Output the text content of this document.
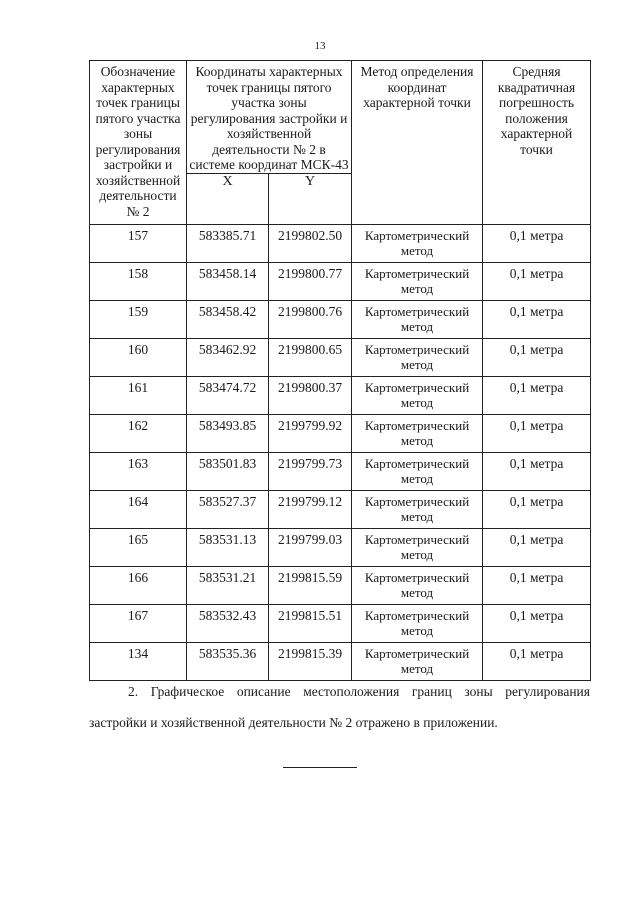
13
Обозначение характерных точек границы пятого участка зоны регулирования застройки и хозяйственной деятельности № 2	Координаты характерных точек границы пятого участка зоны регулирования застройки и хозяйственной деятельности № 2 в системе координат МСК-43		Метод определения координат характерной точки	Средняя квадратичная погрешность положения характерной точки
	X	Y		
157	583385.71	2199802.50	Картометрический метод	0,1 метра
158	583458.14	2199800.77	Картометрический метод	0,1 метра
159	583458.42	2199800.76	Картометрический метод	0,1 метра
160	583462.92	2199800.65	Картометрический метод	0,1 метра
161	583474.72	2199800.37	Картометрический метод	0,1 метра
162	583493.85	2199799.92	Картометрический метод	0,1 метра
163	583501.83	2199799.73	Картометрический метод	0,1 метра
164	583527.37	2199799.12	Картометрический метод	0,1 метра
165	583531.13	2199799.03	Картометрический метод	0,1 метра
166	583531.21	2199815.59	Картометрический метод	0,1 метра
167	583532.43	2199815.51	Картометрический метод	0,1 метра
134	583535.36	2199815.39	Картометрический метод	0,1 метра

2. Графическое описание местоположения границ зоны регулирования застройки и хозяйственной деятельности № 2 отражено в приложении.
